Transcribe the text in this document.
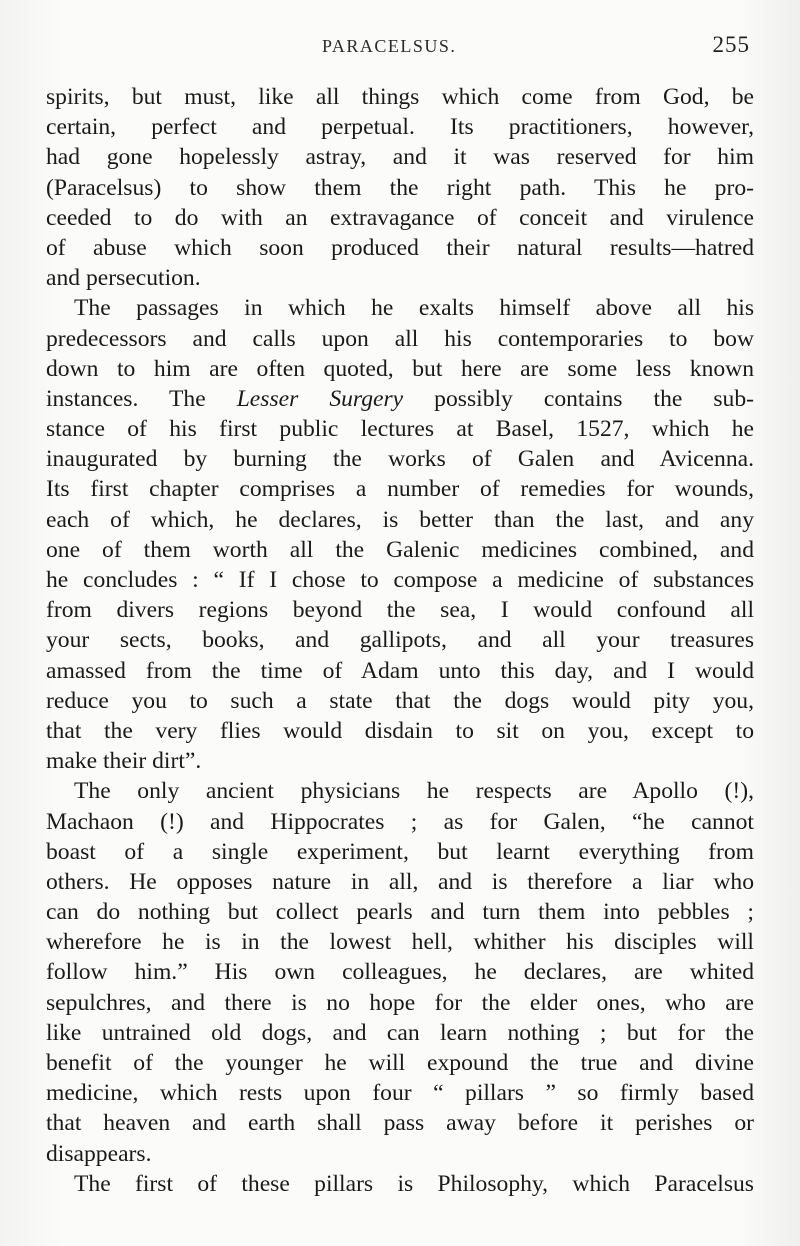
PARACELSUS.	255
spirits, but must, like all things which come from God, be
certain, perfect and perpetual. Its practitioners, however,
had gone hopelessly astray, and it was reserved for him
(Paracelsus) to show them the right path. This he pro-
ceeded to do with an extravagance of conceit and virulence
of abuse which soon produced their natural results—hatred
and persecution.
The passages in which he exalts himself above all his
predecessors and calls upon all his contemporaries to bow
down to him are often quoted, but here are some less known
instances. The Lesser Surgery possibly contains the sub-
stance of his first public lectures at Basel, 1527, which he
inaugurated by burning the works of Galen and Avicenna.
Its first chapter comprises a number of remedies for wounds,
each of which, he declares, is better than the last, and any
one of them worth all the Galenic medicines combined, and
he concludes : “ If I chose to compose a medicine of substances
from divers regions beyond the sea, I would confound all
your sects, books, and gallipots, and all your treasures
amassed from the time of Adam unto this day, and I would
reduce you to such a state that the dogs would pity you,
that the very flies would disdain to sit on you, except to
make their dirt”.
The only ancient physicians he respects are Apollo (!),
Machaon (!) and Hippocrates ; as for Galen, “he cannot
boast of a single experiment, but learnt everything from
others. He opposes nature in all, and is therefore a liar who
can do nothing but collect pearls and turn them into pebbles ;
wherefore he is in the lowest hell, whither his disciples will
follow him.” His own colleagues, he declares, are whited
sepulchres, and there is no hope for the elder ones, who are
like untrained old dogs, and can learn nothing ; but for the
benefit of the younger he will expound the true and divine
medicine, which rests upon four “ pillars ” so firmly based
that heaven and earth shall pass away before it perishes or
disappears.
The first of these pillars is Philosophy, which Paracelsus
